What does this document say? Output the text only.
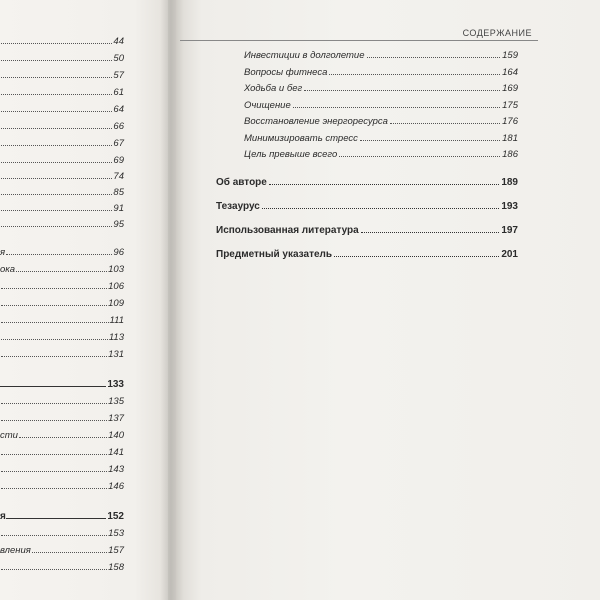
СОДЕРЖАНИЕ
44
50
57
61
64
66
67
69
74
85
91
95
я	96
ока	103
106
109
111
113
131
133
135
137
сти	140
141
143
146
я	152
153
вления	157
158
Инвестиции в долголетие	159
Вопросы фитнеса	164
Ходьба и бег	169
Очищение	175
Восстановление энергоресурса	176
Минимизировать стресс	181
Цель превыше всего	186
Об авторе	189
Тезаурус	193
Использованная литература	197
Предметный указатель	201
